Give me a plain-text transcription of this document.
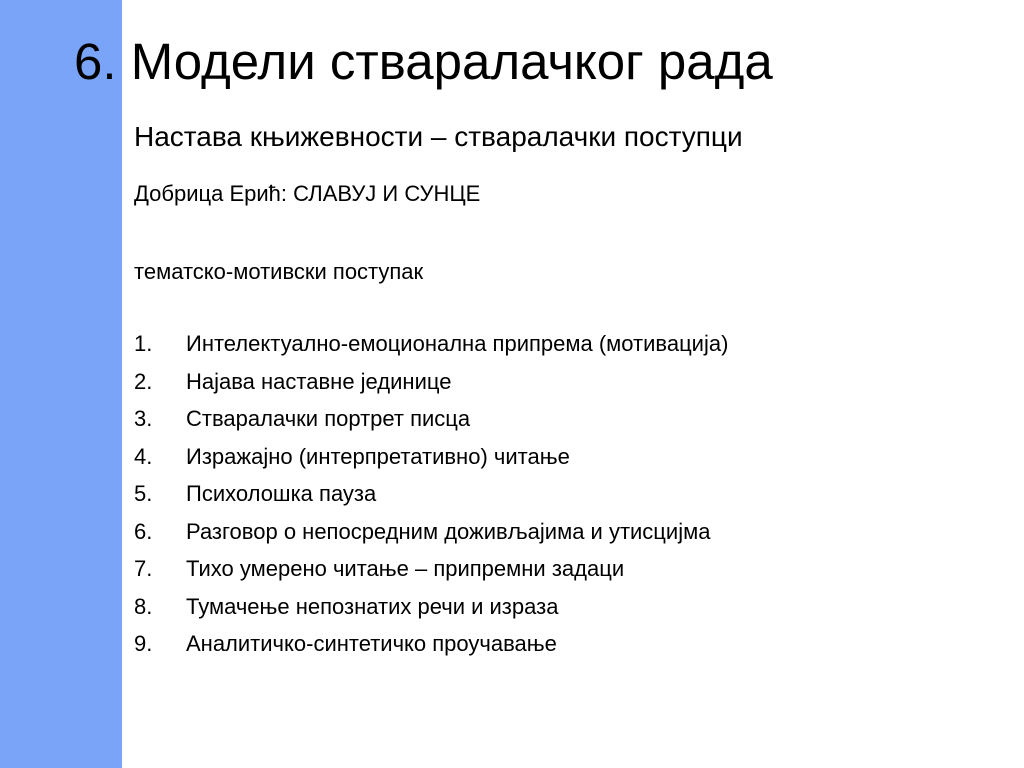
6. Модели стваралачког рада
Настава књижевности – стваралачки поступци
Добрица Ерић: СЛАВУЈ И СУНЦЕ
тематско-мотивски поступак
1. Интелектуално-емоционална припрема (мотивација)
2. Најава наставне јединице
3. Стваралачки портрет писца
4. Изражајно (интерпретативно) читање
5. Психолошка пауза
6. Разговор о непосредним доживљајима и утисцијма
7. Тихо умерено читање – припремни задаци
8. Тумачење непознатих речи и израза
9. Аналитичко-синтетичко проучавање
